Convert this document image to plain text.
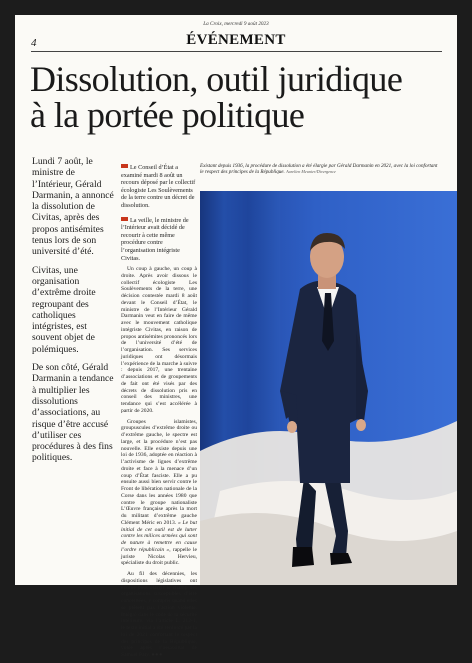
La Croix, mercredi 9 août 2023
4	ÉVÉNEMENT
Dissolution, outil juridique
à la portée politique

Lundi 7 août, le ministre de l’Intérieur, Gérald Darmanin, a annoncé la dissolution de Civitas, après des propos antisémites tenus lors de son université d’été.

Civitas, une organisation d’extrême droite regroupant des catholiques intégristes, est souvent objet de polémiques.

De son côté, Gérald Darmanin a tendance à multiplier les dissolutions d’associations, au risque d’être accusé d’utiliser ces procédures à des fins politiques.

Le Conseil d’État a examiné mardi 8 août un recours déposé par le collectif écologiste Les Soulèvements de la terre contre un décret de dissolution.
La veille, le ministre de l’Intérieur avait décidé de recourir à cette même procédure contre l’organisation intégriste Civitas.

Un coup à gauche, un coup à droite. Après avoir dissous le collectif écologiste Les Soulèvements de la terre, une décision contestée mardi 8 août devant le Conseil d’État, le ministre de l’Intérieur Gérald Darmanin veut en faire de même avec le mouvement catholique intégriste Civitas, en raison de propos antisémites prononcés lors de l’université d’été de l’organisation. Ses services juridiques ont désormais l’expérience de la marche à suivre : depuis 2017, une trentaine d’associations et de groupements de fait ont été visés par des décrets de dissolution pris en conseil des ministres, une tendance qui s’est accélérée à partir de 2020.

Groupes islamistes, groupuscules d’extrême droite ou d’extrême gauche, le spectre est large, et la procédure n’est pas nouvelle. Elle existe depuis une loi de 1936, adoptée en réaction à l’activisme de ligues d’extrême droite et face à la menace d’un coup d’État fasciste. Elle a pu ensuite aussi bien servir contre le Front de libération nationale de la Corse dans les années 1980 que contre le groupe nationaliste L’Œuvre française après la mort du militant d’extrême gauche Clément Méric en 2013. « Le but initial de cet outil est de lutter contre les milices armées qui sont de nature à remettre en cause l’ordre républicain », rappelle le juriste Nicolas Hervieu, spécialiste du droit public.

Au fil des décennies, les dispositions législatives ont évolué pour élargir le champ des organisations susceptibles d’être concernées, y compris quand elles se prêtent pas l’action violente. Intégré dans le code de la sécurité intérieure, via l’article L. 212-1, le texte initial a été renforcé par la loi de 2021 confortant le respect des principes de la République, votée après l’assassinat de Samuel Paty. ●●●

Existant depuis 1936, la procédure de dissolution a été élargie par Gérald Darmanin en 2021, avec la loi confortant le respect des principes de la République. Aurelien Meunier/Divergence
